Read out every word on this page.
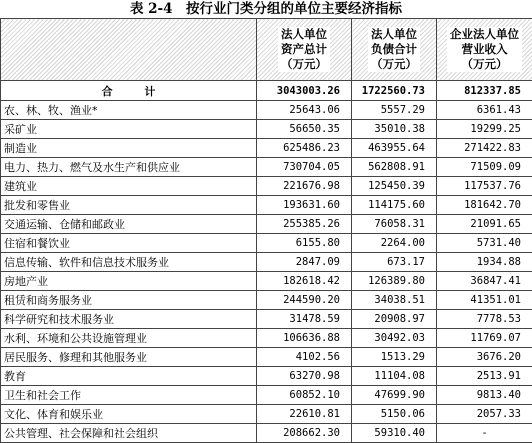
表 2-4　按行业门类分组的单位主要经济指标
	法人单位
资产总计
（万元）	法人单位
负债合计
（万元）	企业法人单位
营业收入
（万元）
合 计	3043003.26	1722560.73	812337.85
农、林、牧、渔业*	25643.06	5557.29	6361.43
采矿业	56650.35	35010.38	19299.25
制造业	625486.23	463955.64	271422.83
电力、热力、燃气及水生产和供应业	730704.05	562808.91	71509.09
建筑业	221676.98	125450.39	117537.76
批发和零售业	193631.60	114175.60	181642.70
交通运输、仓储和邮政业	255385.26	76058.31	21091.65
住宿和餐饮业	6155.80	2264.00	5731.40
信息传输、软件和信息技术服务业	2847.09	673.17	1934.88
房地产业	182618.42	126389.80	36847.41
租赁和商务服务业	244590.20	34038.51	41351.01
科学研究和技术服务业	31478.59	20908.97	7778.53
水利、环境和公共设施管理业	106636.88	30492.03	11769.07
居民服务、修理和其他服务业	4102.56	1513.29	3676.20
教育	63270.98	11104.08	2513.91
卫生和社会工作	60852.10	47699.90	9813.40
文化、体育和娱乐业	22610.81	5150.06	2057.33
公共管理、社会保障和社会组织	208662.30	59310.40	-
